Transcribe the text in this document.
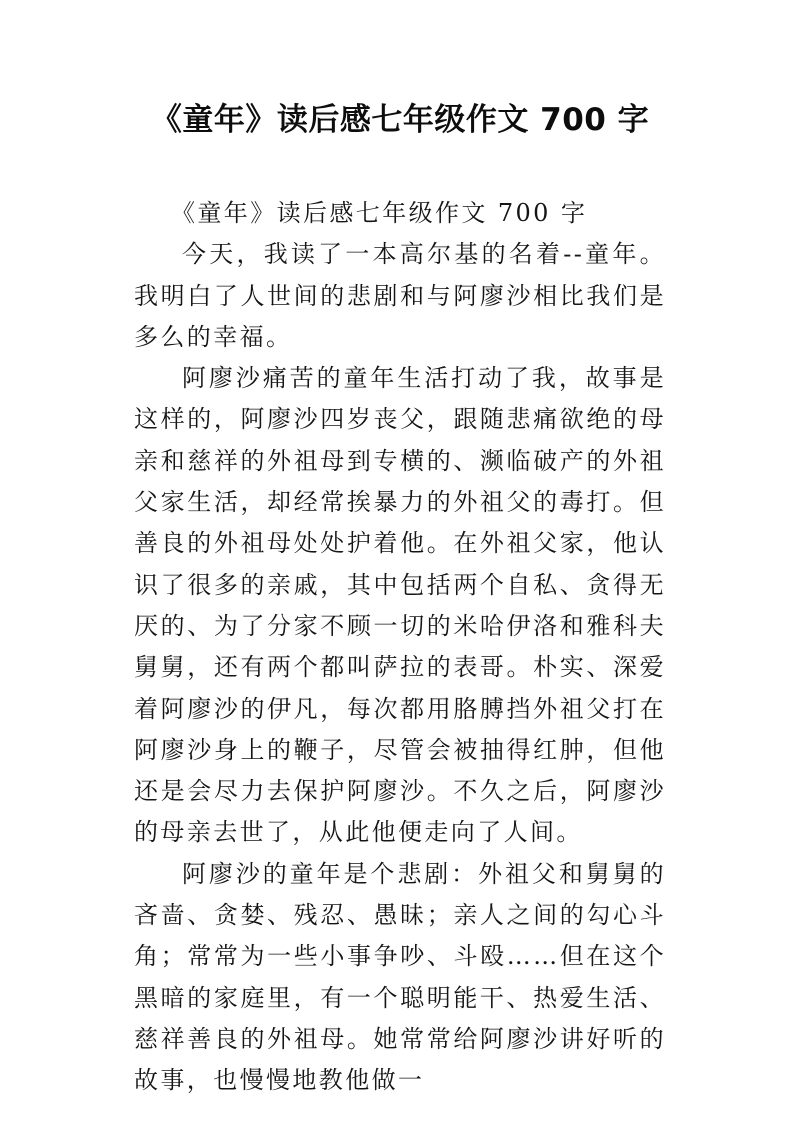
《童年》读后感七年级作文 700 字

《童年》读后感七年级作文 700 字

今天，我读了一本高尔基的名着--童年。我明白了人世间的悲剧和与阿廖沙相比我们是多么的幸福。

阿廖沙痛苦的童年生活打动了我，故事是这样的，阿廖沙四岁丧父，跟随悲痛欲绝的母亲和慈祥的外祖母到专横的、濒临破产的外祖父家生活，却经常挨暴力的外祖父的毒打。但善良的外祖母处处护着他。在外祖父家，他认识了很多的亲戚，其中包括两个自私、贪得无厌的、为了分家不顾一切的米哈伊洛和雅科夫舅舅，还有两个都叫萨拉的表哥。朴实、深爱着阿廖沙的伊凡，每次都用胳膊挡外祖父打在阿廖沙身上的鞭子，尽管会被抽得红肿，但他还是会尽力去保护阿廖沙。不久之后，阿廖沙的母亲去世了，从此他便走向了人间。

阿廖沙的童年是个悲剧：外祖父和舅舅的吝啬、贪婪、残忍、愚昧；亲人之间的勾心斗角；常常为一些小事争吵、斗殴……但在这个黑暗的家庭里，有一个聪明能干、热爱生活、慈祥善良的外祖母。她常常给阿廖沙讲好听的故事，也慢慢地教他做一
